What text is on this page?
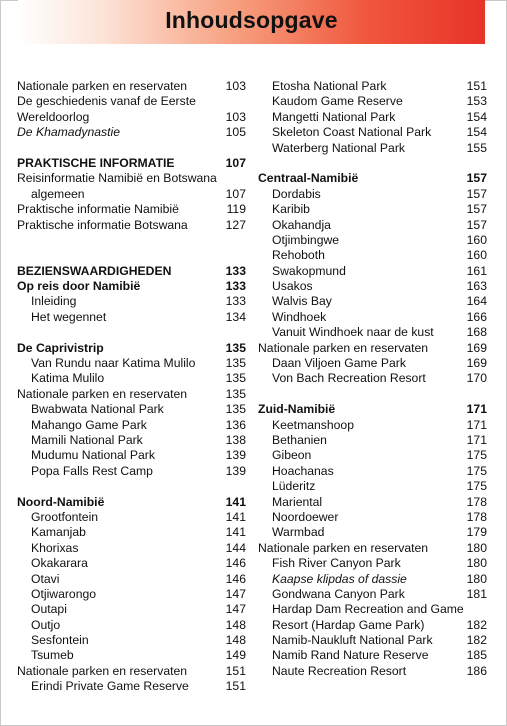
Inhoudsopgave
Nationale parken en reservaten	103
De geschiedenis vanaf de Eerste
Wereldoorlog	103
De Khamadynastie	105
PRAKTISCHE INFORMATIE	107
Reisinformatie Namibië en Botswana
algemeen	107
Praktische informatie Namibië	119
Praktische informatie Botswana	127
BEZIENSWAARDIGHEDEN	133
Op reis door Namibië	133
Inleiding	133
Het wegennet	134
De Caprivistrip	135
Van Rundu naar Katima Mulilo	135
Katima Mulilo	135
Nationale parken en reservaten	135
Bwabwata National Park	135
Mahango Game Park	136
Mamili National Park	138
Mudumu National Park	139
Popa Falls Rest Camp	139
Noord-Namibië	141
Grootfontein	141
Kamanjab	141
Khorixas	144
Okakarara	146
Otavi	146
Otjiwarongo	147
Outapi	147
Outjo	148
Sesfontein	148
Tsumeb	149
Nationale parken en reservaten	151
Erindi Private Game Reserve	151
Etosha National Park	151
Kaudom Game Reserve	153
Mangetti National Park	154
Skeleton Coast National Park	154
Waterberg National Park	155
Centraal-Namibië	157
Dordabis	157
Karibib	157
Okahandja	157
Otjimbingwe	160
Rehoboth	160
Swakopmund	161
Usakos	163
Walvis Bay	164
Windhoek	166
Vanuit Windhoek naar de kust	168
Nationale parken en reservaten	169
Daan Viljoen Game Park	169
Von Bach Recreation Resort	170
Zuid-Namibië	171
Keetmanshoop	171
Bethanien	171
Gibeon	175
Hoachanas	175
Lüderitz	175
Mariental	178
Noordoewer	178
Warmbad	179
Nationale parken en reservaten	180
Fish River Canyon Park	180
Kaapse klipdas of dassie	180
Gondwana Canyon Park	181
Hardap Dam Recreation and Game
Resort (Hardap Game Park)	182
Namib-Naukluft National Park	182
Namib Rand Nature Reserve	185
Naute Recreation Resort	186
